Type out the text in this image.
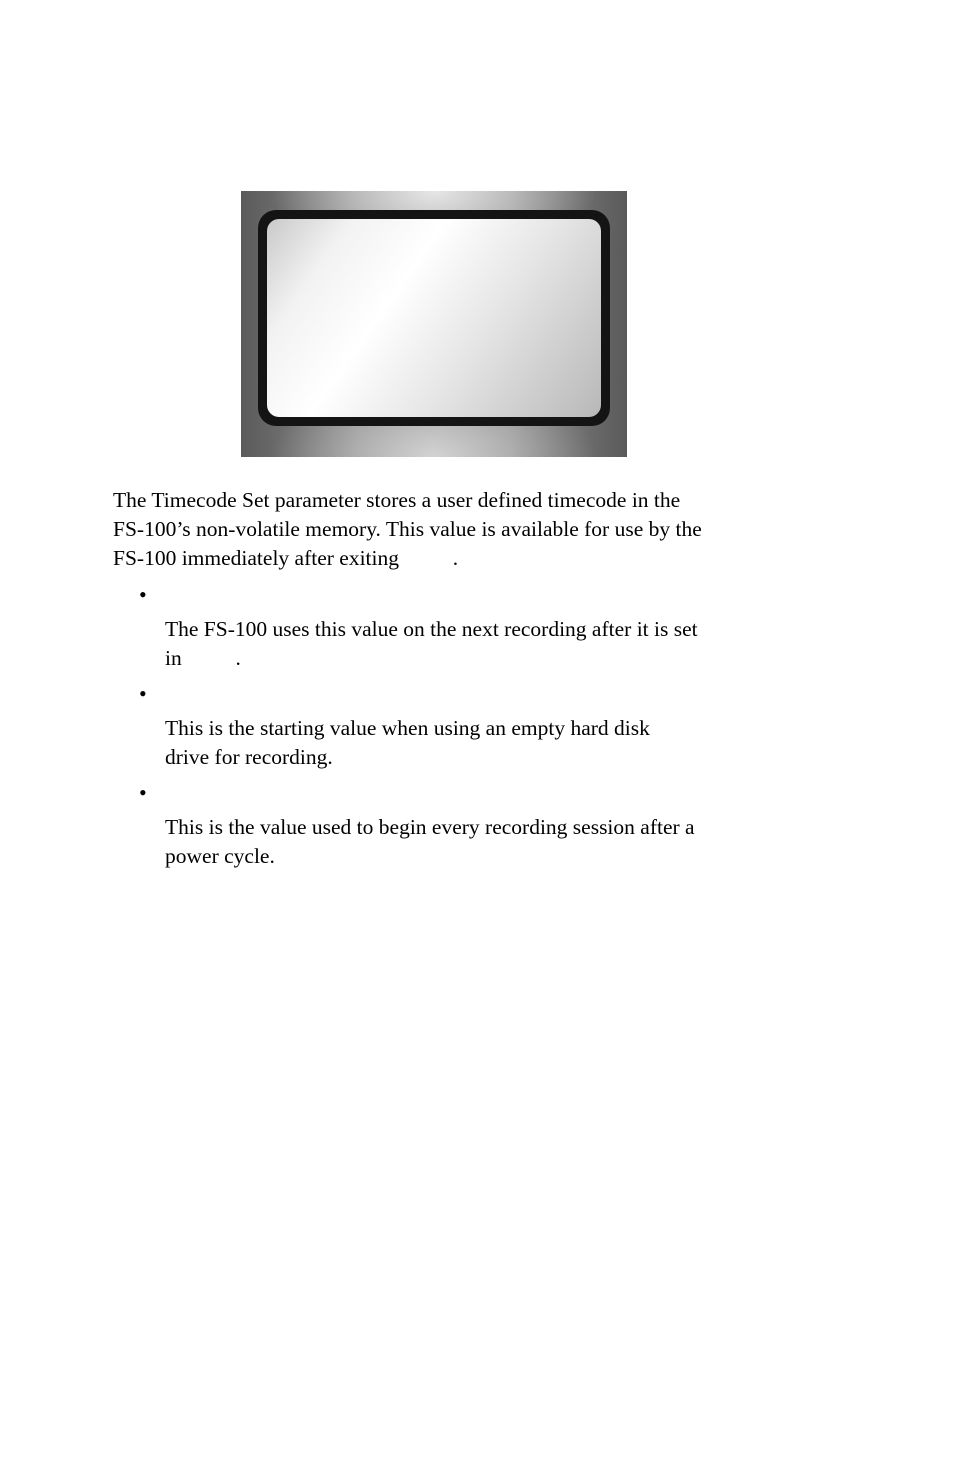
The Timecode Set parameter stores a user defined timecode in the
FS-100’s non-volatile memory. This value is available for use by the
FS-100 immediately after exiting          .
•
The FS-100 uses this value on the next recording after it is set
in          .
•
This is the starting value when using an empty hard disk
drive for recording.
•
This is the value used to begin every recording session after a
power cycle.
